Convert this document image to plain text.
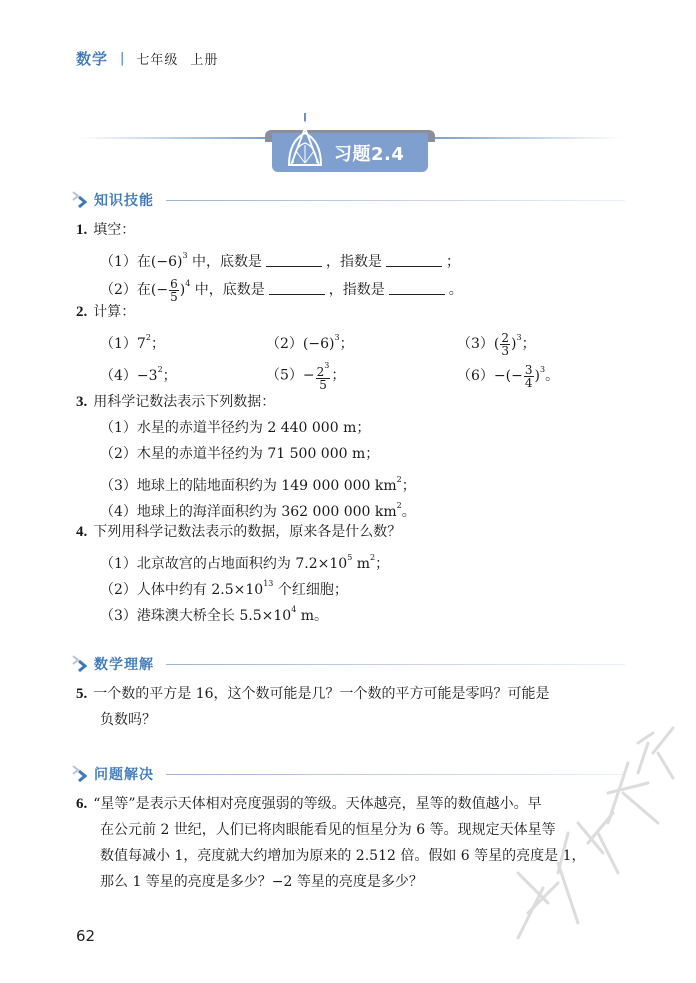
数学 | 七年级 上册
习题2.4
知识技能
1. 填空：
（1）在$(-6)^3$ 中，底数是	，指数是	；
（2）在(− $\frac{6}{5} )^4$ 中，底数是	，指数是	。
2. 计算：
$(1)7^2$；	$(2)(-6)^3$；	$(3)( \frac{2}{3} )^3$；
$(4)-3^2$；	$(5)- \frac{2^3}{5}$ ；	$(6)-(- \frac{3}{4} )^3$。
3. 用科学记数法表示下列数据：
（1）水星的赤道半径约为 2 440 000 m；
（2）木星的赤道半径约为 71 500 000 m；
（3）地球上的陆地面积约为 149 000 000 $km^2$；
（4）地球上的海洋面积约为 362 000 000 $km^2$。
4. 下列用科学记数法表示的数据，原来各是什么数？
（1）北京故宫的占地面积约为 $7.2\times 10^5$ $m^2$；
（2）人体中约有 $2.5\times 10^{13}$ 个红细胞；
（3）港珠澳大桥全长 $5.5\times 10^4$ m。
数学理解
5. 一个数的平方是 16，这个数可能是几？一个数的平方可能是零吗？可能是
负数吗？
问题解决
6. “星等”是表示天体相对亮度强弱的等级。天体越亮，星等的数值越小。早
在公元前 2 世纪，人们已将肉眼能看见的恒星分为 6 等。现规定天体星等
数值每减小 1，亮度就大约增加为原来的 2.512 倍。假如 6 等星的亮度是 1，
那么 1 等星的亮度是多少？−2 等星的亮度是多少？
62
